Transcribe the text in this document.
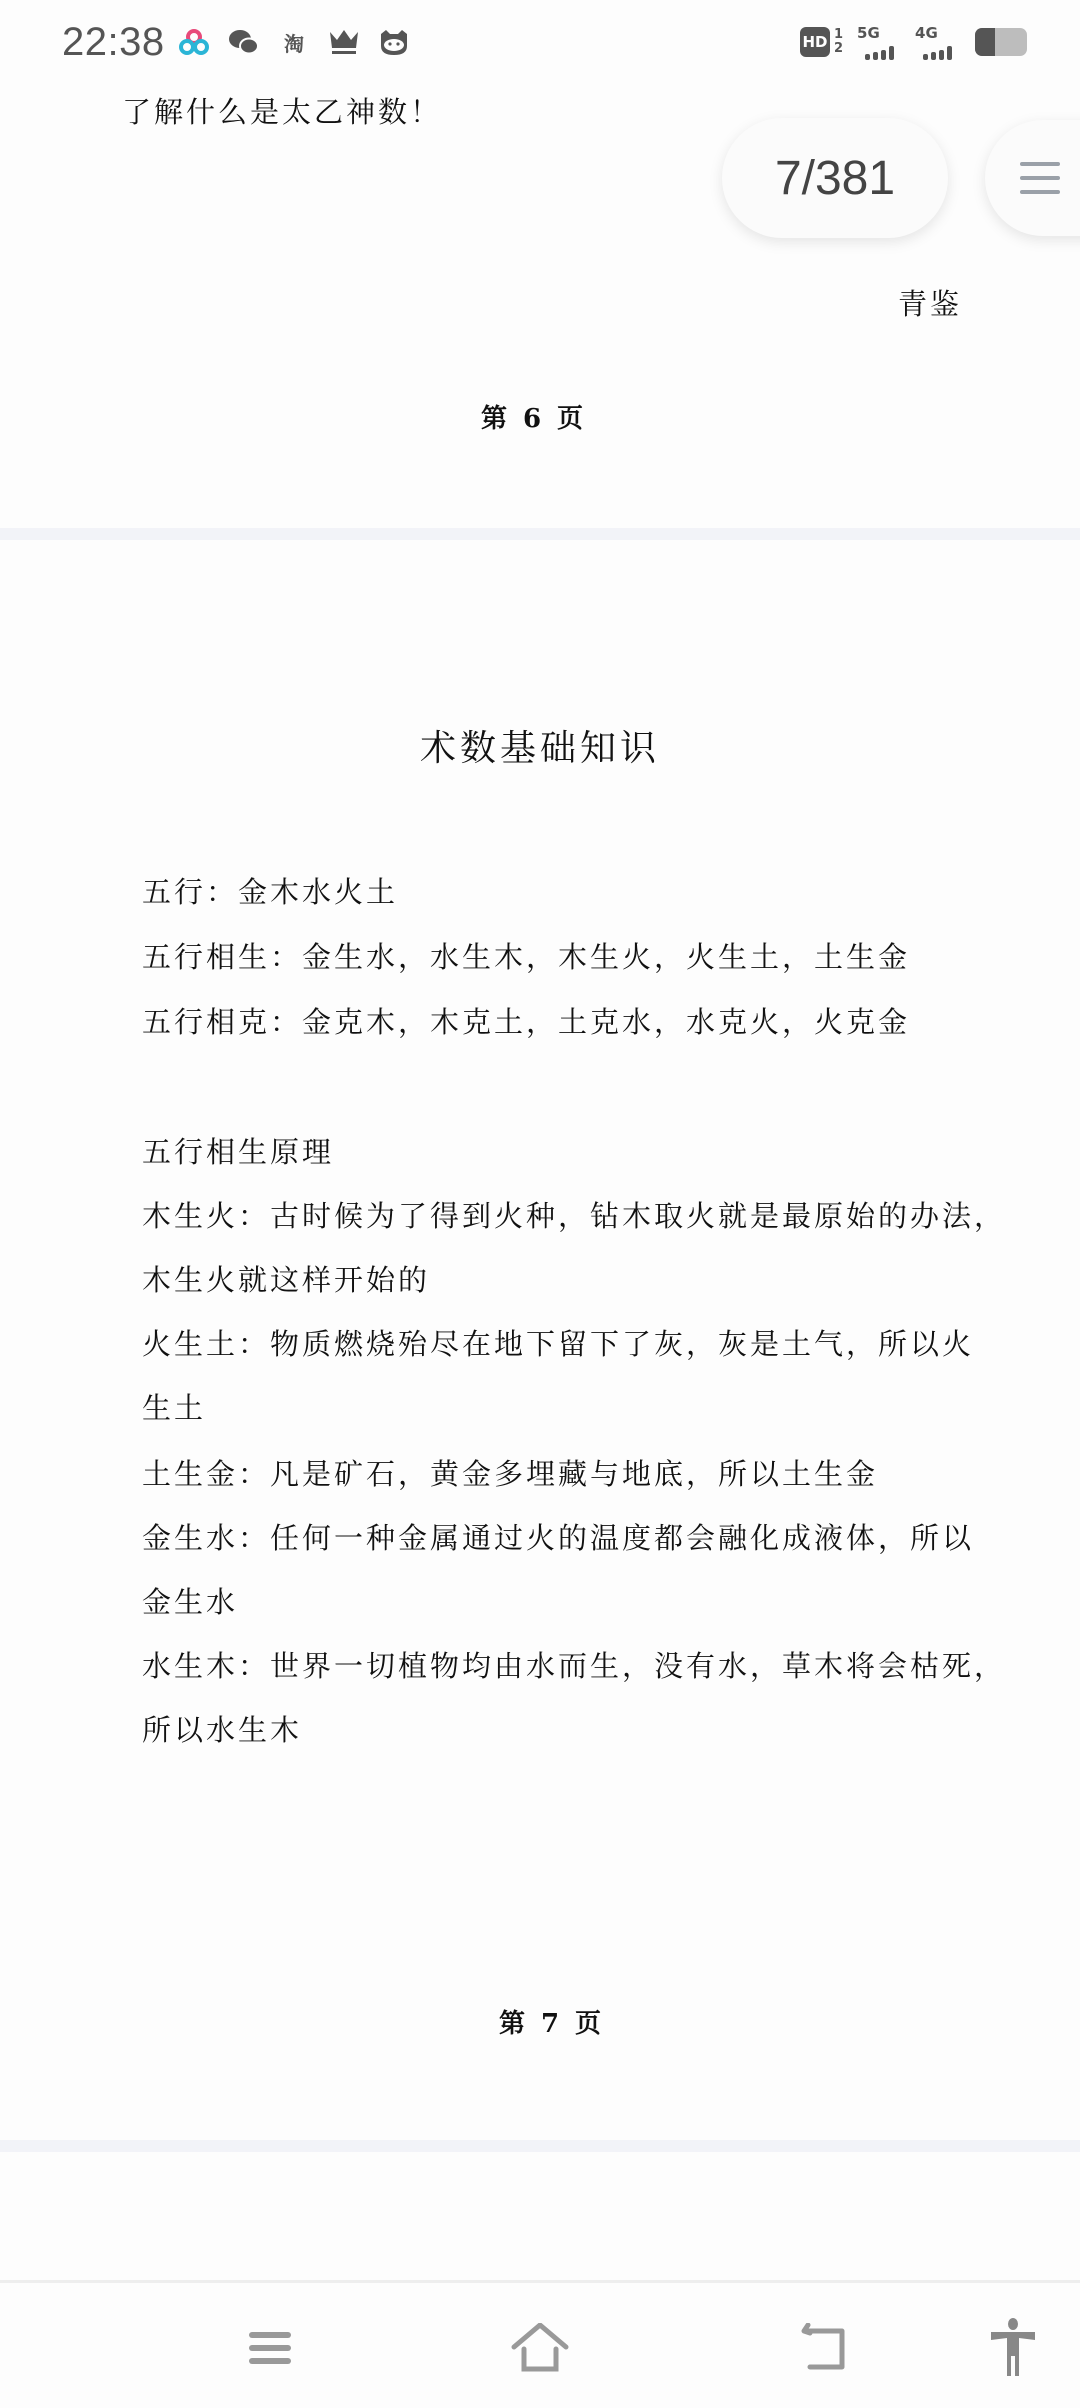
22:38	淘	HD 1
2
5G 4G
了解什么是太乙神数！
青鉴
第6页
术数基础知识
五行：金木水火土
五行相生：金生水，水生木，木生火，火生土，土生金
五行相克：金克木，木克土，土克水，水克火，火克金
五行相生原理
木生火：古时候为了得到火种，钻木取火就是最原始的办法，
木生火就这样开始的
火生土：物质燃烧殆尽在地下留下了灰，灰是土气，所以火
生土
土生金：凡是矿石，黄金多埋藏与地底，所以土生金
金生水：任何一种金属通过火的温度都会融化成液体，所以
金生水
水生木：世界一切植物均由水而生，没有水，草木将会枯死，
所以水生木
第7页
7/381
